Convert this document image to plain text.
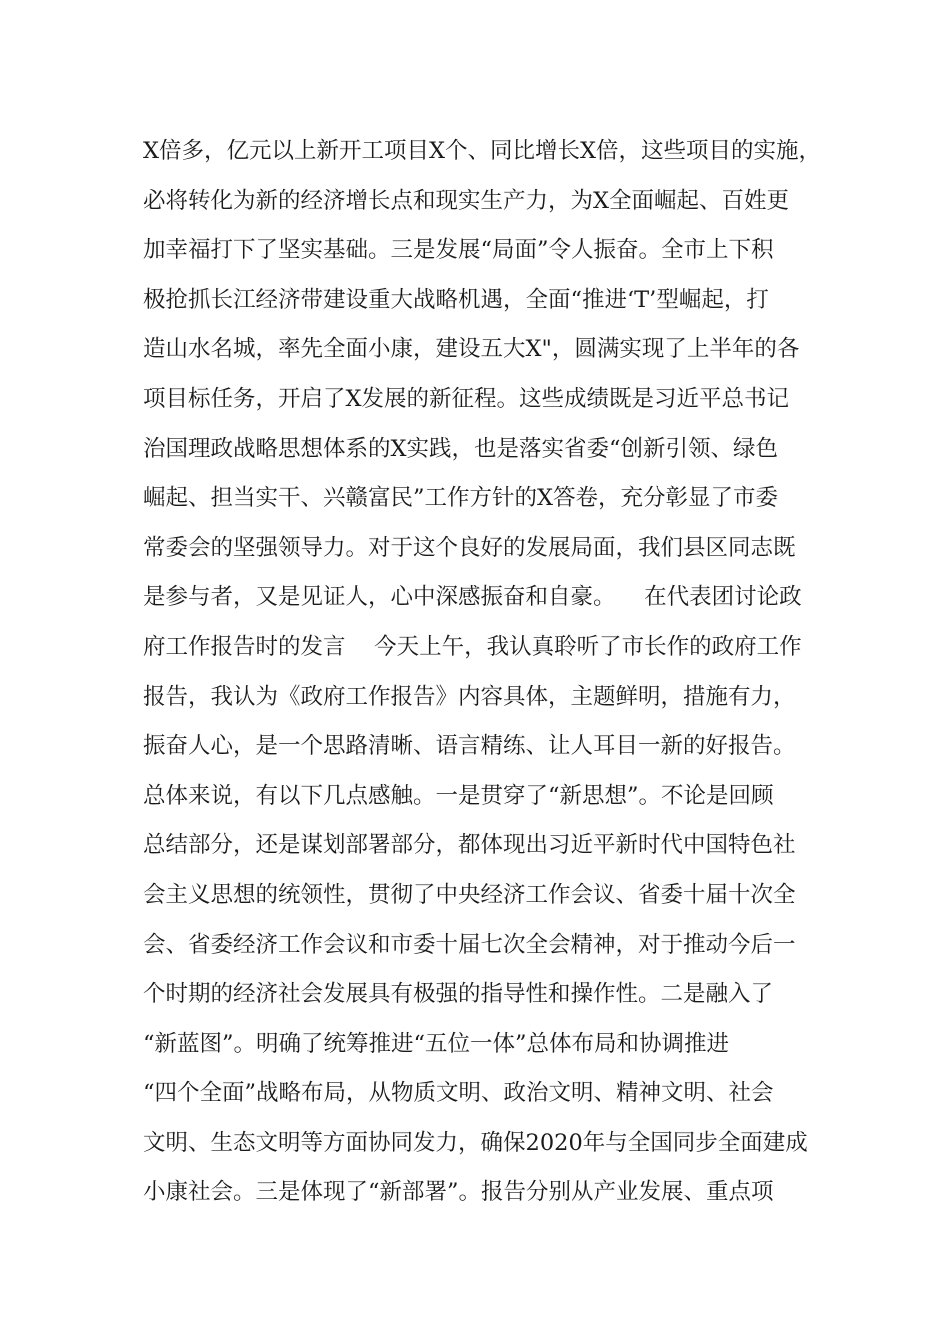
X倍多，亿元以上新开工项目X个、同比增长X倍，这些项目的实施，
必将转化为新的经济增长点和现实生产力，为X全面崛起、百姓更
加幸福打下了坚实基础。三是发展“局面”令人振奋。全市上下积
极抢抓长江经济带建设重大战略机遇，全面“推进‘T’型崛起，打
造山水名城，率先全面小康，建设五大X"，圆满实现了上半年的各
项目标任务，开启了X发展的新征程。这些成绩既是习近平总书记
治国理政战略思想体系的X实践，也是落实省委“创新引领、绿色
崛起、担当实干、兴赣富民”工作方针的X答卷，充分彰显了市委
常委会的坚强领导力。对于这个良好的发展局面，我们县区同志既
是参与者，又是见证人，心中深感振奋和自豪。    在代表团讨论政
府工作报告时的发言    今天上午，我认真聆听了市长作的政府工作
报告，我认为《政府工作报告》内容具体，主题鲜明，措施有力，
振奋人心，是一个思路清晰、语言精练、让人耳目一新的好报告。
总体来说，有以下几点感触。一是贯穿了“新思想”。不论是回顾
总结部分，还是谋划部署部分，都体现出习近平新时代中国特色社
会主义思想的统领性，贯彻了中央经济工作会议、省委十届十次全
会、省委经济工作会议和市委十届七次全会精神，对于推动今后一
个时期的经济社会发展具有极强的指导性和操作性。二是融入了
“新蓝图”。明确了统筹推进“五位一体”总体布局和协调推进
“四个全面”战略布局，从物质文明、政治文明、精神文明、社会
文明、生态文明等方面协同发力，确保2020年与全国同步全面建成
小康社会。三是体现了“新部署”。报告分别从产业发展、重点项
